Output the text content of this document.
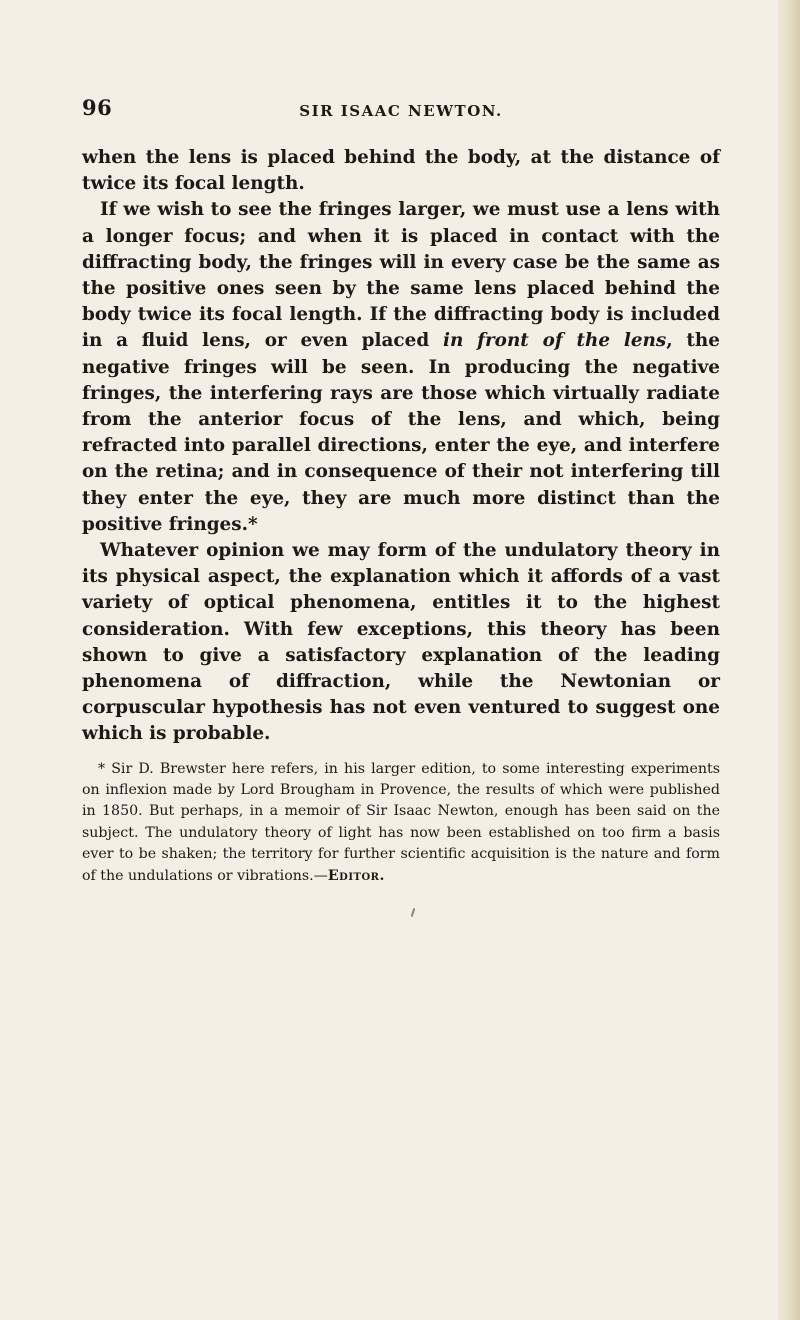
96	SIR ISAAC NEWTON.

when the lens is placed behind the body, at the distance of twice its focal length.

If we wish to see the fringes larger, we must use a lens with a longer focus; and when it is placed in contact with the diffracting body, the fringes will in every case be the same as the positive ones seen by the same lens placed behind the body twice its focal length. If the diffracting body is included in a fluid lens, or even placed in front of the lens, the negative fringes will be seen. In producing the negative fringes, the interfering rays are those which virtually radiate from the anterior focus of the lens, and which, being refracted into parallel directions, enter the eye, and interfere on the retina; and in consequence of their not interfering till they enter the eye, they are much more distinct than the positive fringes.*

Whatever opinion we may form of the undulatory theory in its physical aspect, the explanation which it affords of a vast variety of optical phenomena, entitles it to the highest consideration. With few exceptions, this theory has been shown to give a satisfactory explanation of the leading phenomena of diffraction, while the Newtonian or corpuscular hypothesis has not even ventured to suggest one which is probable.

* Sir D. Brewster here refers, in his larger edition, to some interesting experiments on inflexion made by Lord Brougham in Provence, the results of which were published in 1850. But perhaps, in a memoir of Sir Isaac Newton, enough has been said on the subject. The undulatory theory of light has now been established on too firm a basis ever to be shaken; the territory for further scientific acquisition is the nature and form of the undulations or vibrations.—Editor.
